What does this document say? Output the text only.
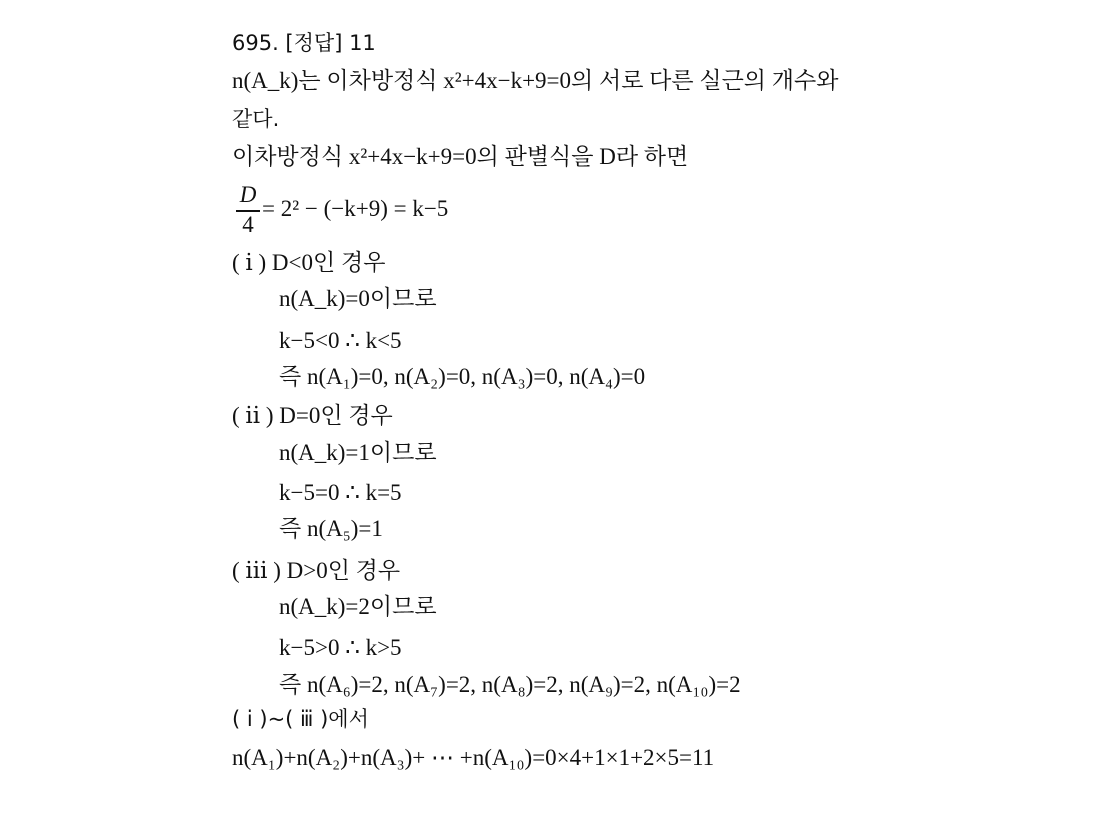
695. [정답] 11
n(A_k)는 이차방정식 x²+4x−k+9=0의 서로 다른 실근의 개수와
같다.
이차방정식 x²+4x−k+9=0의 판별식을 D라 하면
D
4
= 2² − (−k+9) = k−5
( ⅰ ) D<0인 경우
n(A_k)=0이므로
k−5<0 ∴ k<5
즉 n(A₁)=0, n(A₂)=0, n(A₃)=0, n(A₄)=0
( ⅱ ) D=0인 경우
n(A_k)=1이므로
k−5=0 ∴ k=5
즉 n(A₅)=1
( ⅲ ) D>0인 경우
n(A_k)=2이므로
k−5>0 ∴ k>5
즉 n(A₆)=2, n(A₇)=2, n(A₈)=2, n(A₉)=2, n(A₁₀)=2
( ⅰ )~( ⅲ )에서
n(A₁)+n(A₂)+n(A₃)+ ⋯ +n(A₁₀)=0×4+1×1+2×5=11
